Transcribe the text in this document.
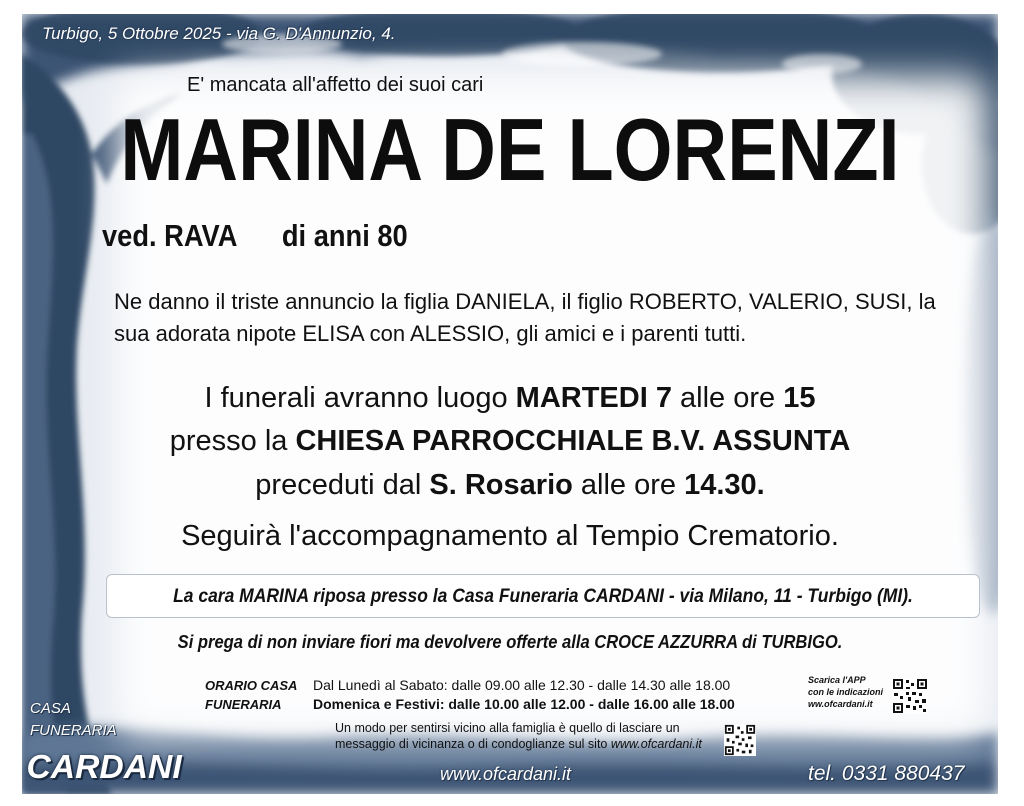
Turbigo, 5 Ottobre 2025 - via G. D'Annunzio, 4.

E' mancata all'affetto dei suoi cari

MARINA DE LORENZI

ved. RAVA di anni 80

Ne danno il triste annuncio la figlia DANIELA, il figlio ROBERTO, VALERIO, SUSI, la sua adorata nipote ELISA con ALESSIO, gli amici e i parenti tutti.

I funerali avranno luogo MARTEDI 7 alle ore 15

presso la CHIESA PARROCCHIALE B.V. ASSUNTA

preceduti dal S. Rosario alle ore 14.30.

Seguirà l'accompagnamento al Tempio Crematorio.

La cara MARINA riposa presso la Casa Funeraria CARDANI - via Milano, 11 - Turbigo (MI).

Si prega di non inviare fiori ma devolvere offerte alla CROCE AZZURRA di TURBIGO.

ORARIO CASA
FUNERARIA
Dal Lunedì al Sabato: dalle 09.00 alle 12.30 - dalle 14.30 alle 18.00
Domenica e Festivi: dalle 10.00 alle 12.00 - dalle 16.00 alle 18.00
Scarica l'APP
con le indicazioni
ww.ofcardani.it
Un modo per sentirsi vicino alla famiglia è quello di lasciare un
messaggio di vicinanza o di condoglianze sul sito www.ofcardani.it
CASA
FUNERARIA

CARDANI	www.ofcardani.it	tel. 0331 880437
